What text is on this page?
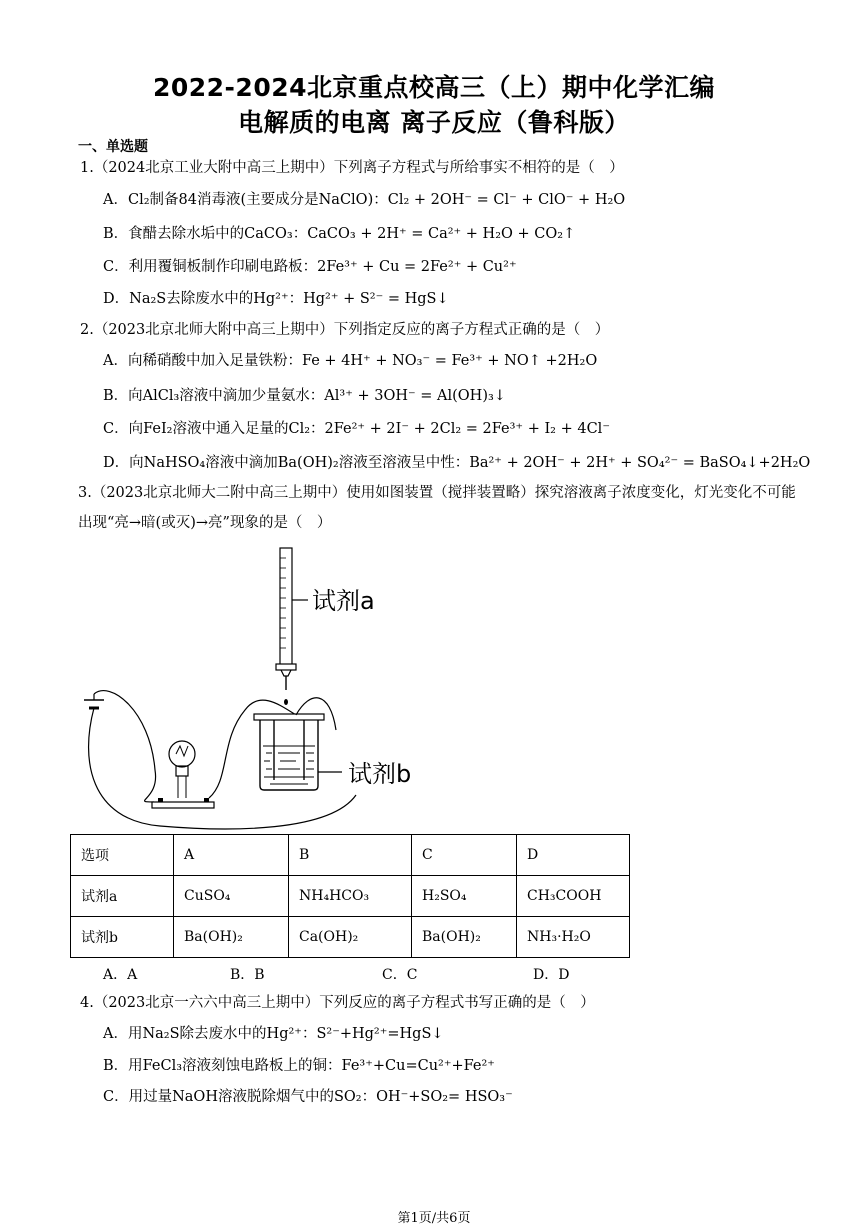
2022-2024北京重点校高三（上）期中化学汇编
电解质的电离 离子反应（鲁科版）
一、单选题
1.（2024北京工业大附中高三上期中）下列离子方程式与所给事实不相符的是（　）
A．Cl₂制备84消毒液(主要成分是NaClO)：Cl₂ + 2OH⁻ = Cl⁻ + ClO⁻ + H₂O
B．食醋去除水垢中的CaCO₃：CaCO₃ + 2H⁺ = Ca²⁺ + H₂O + CO₂↑
C．利用覆铜板制作印刷电路板：2Fe³⁺ + Cu = 2Fe²⁺ + Cu²⁺
D．Na₂S去除废水中的Hg²⁺：Hg²⁺ + S²⁻ = HgS↓
2.（2023北京北师大附中高三上期中）下列指定反应的离子方程式正确的是（　）
A．向稀硝酸中加入足量铁粉：Fe + 4H⁺ + NO₃⁻ = Fe³⁺ + NO↑ +2H₂O
B．向AlCl₃溶液中滴加少量氨水：Al³⁺ + 3OH⁻ = Al(OH)₃↓
C．向FeI₂溶液中通入足量的Cl₂：2Fe²⁺ + 2I⁻ + 2Cl₂ = 2Fe³⁺ + I₂ + 4Cl⁻
D．向NaHSO₄溶液中滴加Ba(OH)₂溶液至溶液呈中性：Ba²⁺ + 2OH⁻ + 2H⁺ + SO₄²⁻ = BaSO₄↓+2H₂O
3.（2023北京北师大二附中高三上期中）使用如图装置（搅拌装置略）探究溶液离子浓度变化，灯光变化不可能出现“亮→暗(或灭)→亮”现象的是（　）
试剂a
试剂b
选项	A	B	C	D
试剂a	CuSO₄	NH₄HCO₃	H₂SO₄	CH₃COOH
试剂b	Ba(OH)₂	Ca(OH)₂	Ba(OH)₂	NH₃·H₂O
A．A	B．B	C．C	D．D
4.（2023北京一六六中高三上期中）下列反应的离子方程式书写正确的是（　）
A．用Na₂S除去废水中的Hg²⁺：S²⁻+Hg²⁺=HgS↓
B．用FeCl₃溶液刻蚀电路板上的铜：Fe³⁺+Cu=Cu²⁺+Fe²⁺
C．用过量NaOH溶液脱除烟气中的SO₂：OH⁻+SO₂= HSO₃⁻
第1页/共6页
